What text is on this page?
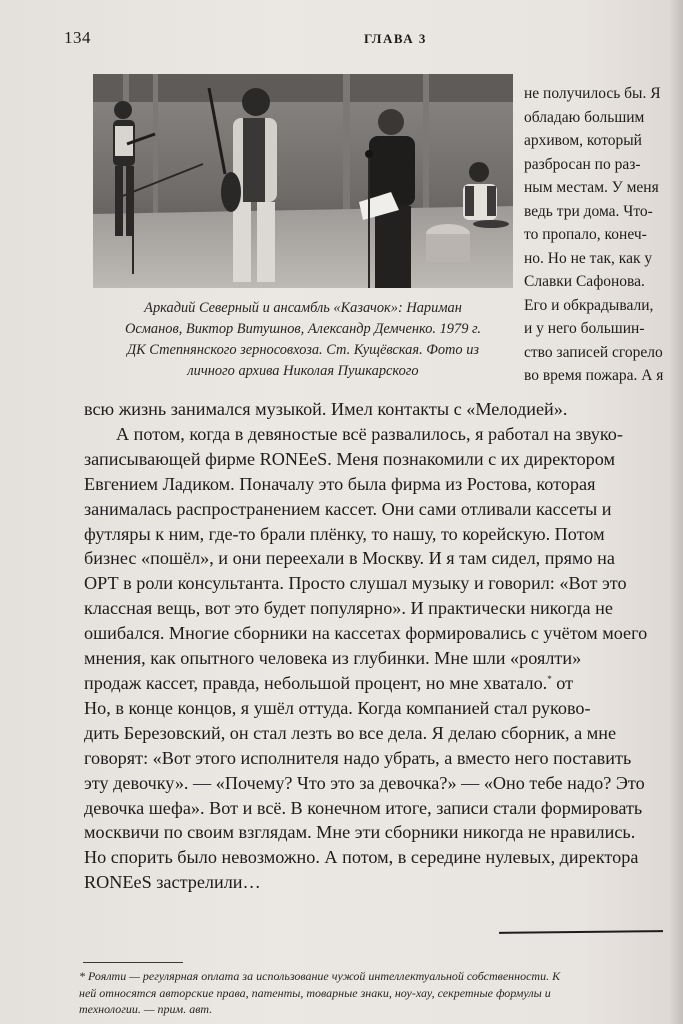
134	ГЛАВА 3
Аркадий Северный и ансамбль «Казачок»: Нариман
Османов, Виктор Витушнов, Александр Демченко. 1979 г.
ДК Степнянского зерносовхоза. Ст. Кущёвская. Фото из
личного архива Николая Пушкарского
не получилось бы. Я
обладаю большим
архивом, который
разбросан по раз-
ным местам. У меня
ведь три дома. Что-
то пропало, конеч-
но. Но не так, как у
Славки Сафонова.
Его и обкрадывали,
и у него большин-
ство записей сгорело
во время пожара. А я
всю жизнь занимался музыкой. Имел контакты с «Мелодией».
А потом, когда в девяностые всё развалилось, я работал на звуко-
записывающей фирме RONEeS. Меня познакомили с их директором
Евгением Ладиком. Поначалу это была фирма из Ростова, которая
занималась распространением кассет. Они сами отливали кассеты и
футляры к ним, где-то брали плёнку, то нашу, то корейскую. Потом
бизнес «пошёл», и они переехали в Москву. И я там сидел, прямо на
ОРТ в роли консультанта. Просто слушал музыку и говорил: «Вот это
классная вещь, вот это будет популярно». И практически никогда не
ошибался. Многие сборники на кассетах формировались с учётом моего
мнения, как опытного человека из глубинки. Мне шли «роялти»
продаж кассет, правда, небольшой процент, но мне хватало.* от
Но, в конце концов, я ушёл оттуда. Когда компанией стал руково-
дить Березовский, он стал лезть во все дела. Я делаю сборник, а мне
говорят: «Вот этого исполнителя надо убрать, а вместо него поставить
эту девочку». — «Почему? Что это за девочка?» — «Оно тебе надо? Это
девочка шефа». Вот и всё. В конечном итоге, записи стали формировать
москвичи по своим взглядам. Мне эти сборники никогда не нравились.
Но спорить было невозможно. А потом, в середине нулевых, директора
RONEeS застрелили…
* Роялти — регулярная оплата за использование чужой интеллектуальной собственности. К
ней относятся авторские права, патенты, товарные знаки, ноу-хау, секретные формулы и
технологии. — прим. авт.
